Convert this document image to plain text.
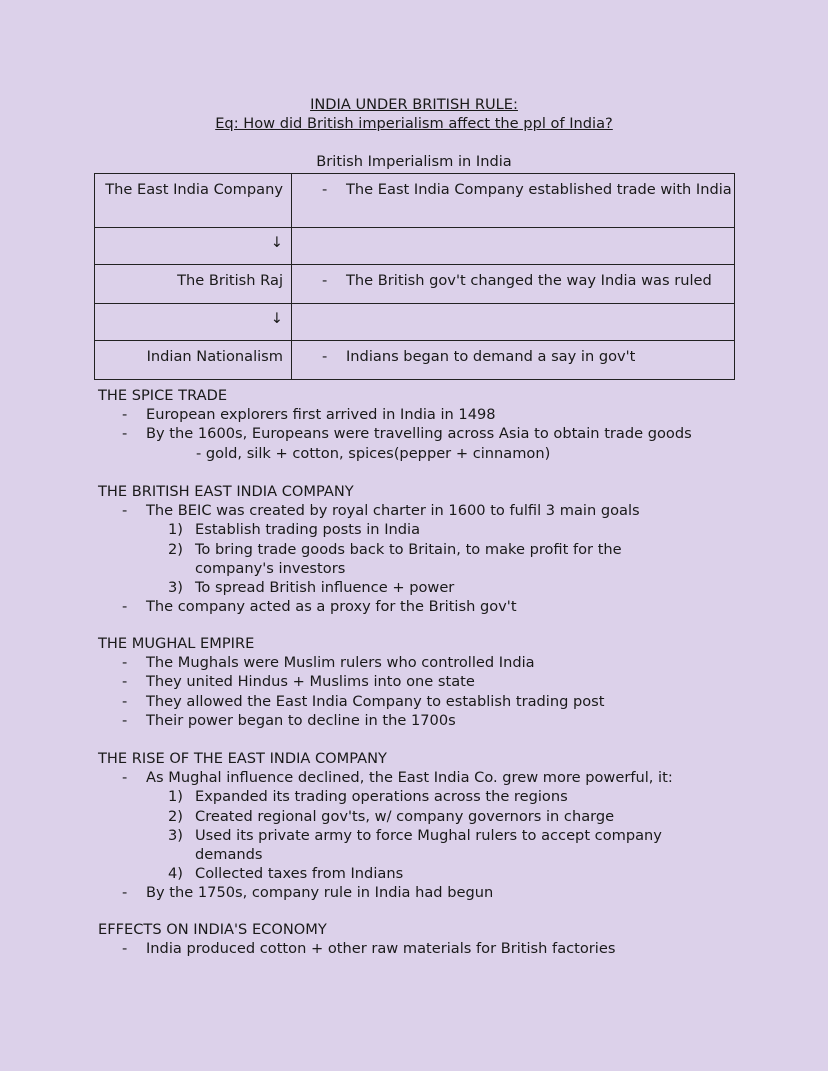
INDIA UNDER BRITISH RULE:
Eq: How did British imperialism affect the ppl of India?
British Imperialism in India
The East India Company	- The East India Company established trade with India

↓	
The British Raj	- The British gov't changed the way India was ruled

↓	
Indian Nationalism	- Indians began to demand a say in gov't
THE SPICE TRADE
- European explorers first arrived in India in 1498
- By the 1600s, Europeans were travelling across Asia to obtain trade goods
- gold, silk + cotton, spices(pepper + cinnamon)
THE BRITISH EAST INDIA COMPANY
- The BEIC was created by royal charter in 1600 to fulfil 3 main goals
1) Establish trading posts in India
2) To bring trade goods back to Britain, to make profit for the
company's investors
3) To spread British influence + power
- The company acted as a proxy for the British gov't
THE MUGHAL EMPIRE
- The Mughals were Muslim rulers who controlled India
- They united Hindus + Muslims into one state
- They allowed the East India Company to establish trading post
- Their power began to decline in the 1700s
THE RISE OF THE EAST INDIA COMPANY
- As Mughal influence declined, the East India Co. grew more powerful, it:
1) Expanded its trading operations across the regions
2) Created regional gov'ts, w/ company governors in charge
3) Used its private army to force Mughal rulers to accept company
demands
4) Collected taxes from Indians
- By the 1750s, company rule in India had begun
EFFECTS ON INDIA'S ECONOMY
- India produced cotton + other raw materials for British factories
